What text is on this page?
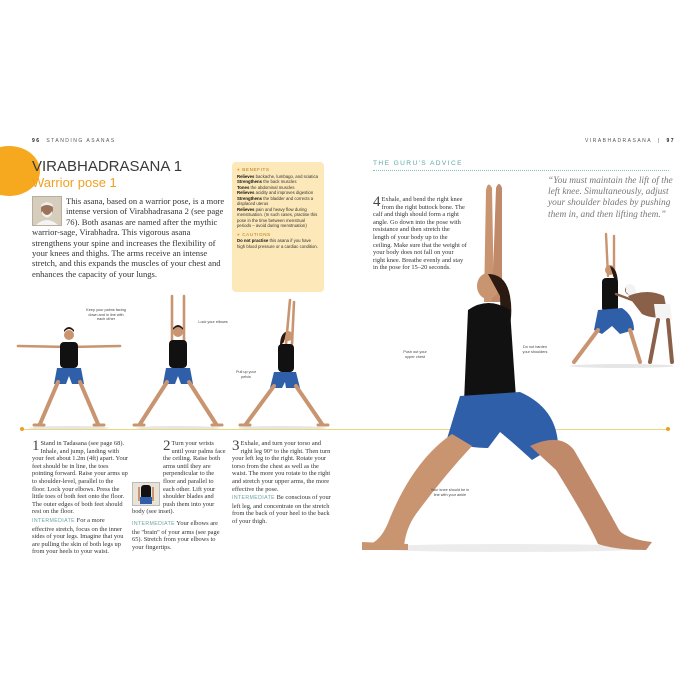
96 STANDING ASANAS	VIRABHADRASANA  |  97
VIRABHADRASANA 1
Warrior pose 1
This asana, based on a warrior pose, is a more intense version of Virabhadrasana 2 (see page 76). Both asanas are named after the mythic warrior-sage, Virabhadra. This vigorous asana strengthens your spine and increases the flexibility of your knees and thighs. The arms receive an intense stretch, and this expands the muscles of your chest and enhances the capacity of your lungs.
● BENEFITS
Relieves backache, lumbago, and sciatica
Strengthens the back muscles
Tones the abdominal muscles
Relieves acidity and improves digestion
Strengthens the bladder and corrects a displaced uterus
Relieves pain and heavy flow during menstruation. (In such cases, practise this pose in the time between menstrual periods – avoid during menstruation)
● CAUTIONS
Do not practise this asana if you have high blood pressure or a cardiac condition.
Keep your palms facing down and in line with each other
Lock your elbows
Pull up your pelvis
1 Stand in Tadasana (see page 68). Inhale, and jump, landing with your feet about 1.2m (4ft) apart. Your feet should be in line, the toes pointing forward. Raise your arms up to shoulder-level, parallel to the floor. Lock your elbows. Press the little toes of both feet onto the floor. The outer edges of both feet should rest on the floor.
INTERMEDIATE For a more effective stretch, focus on the inner sides of your legs. Imagine that you are pulling the skin of both legs up from your heels to your waist.
2 Turn your wrists until your palms face the ceiling. Raise both arms until they are perpendicular to the floor and parallel to each other. Lift your shoulder blades and push them into your body (see inset).
INTERMEDIATE Your elbows are the "brain" of your arms (see page 65). Stretch from your elbows to your fingertips.
3 Exhale, and turn your torso and right leg 90° to the right. Then turn your left leg to the right. Rotate your torso from the chest as well as the waist. The more you rotate to the right and stretch your upper arms, the more effective the pose.
INTERMEDIATE Be conscious of your left leg, and concentrate on the stretch from the back of your heel to the back of your thigh.
THE GURU'S ADVICE
4 Exhale, and bend the right knee from the right buttock bone. The calf and thigh should form a right angle. Go down into the pose with resistance and then stretch the length of your body up to the ceiling. Make sure that the weight of your body does not fall on your right knee. Breathe evenly and stay in the pose for 15–20 seconds.
“You must maintain the lift of the left knee. Simultaneously, adjust your shoulder blades by pushing them in, and then lifting them.”
Push out your upper chest
Do not harden your shoulders
Your knee should be in line with your ankle
